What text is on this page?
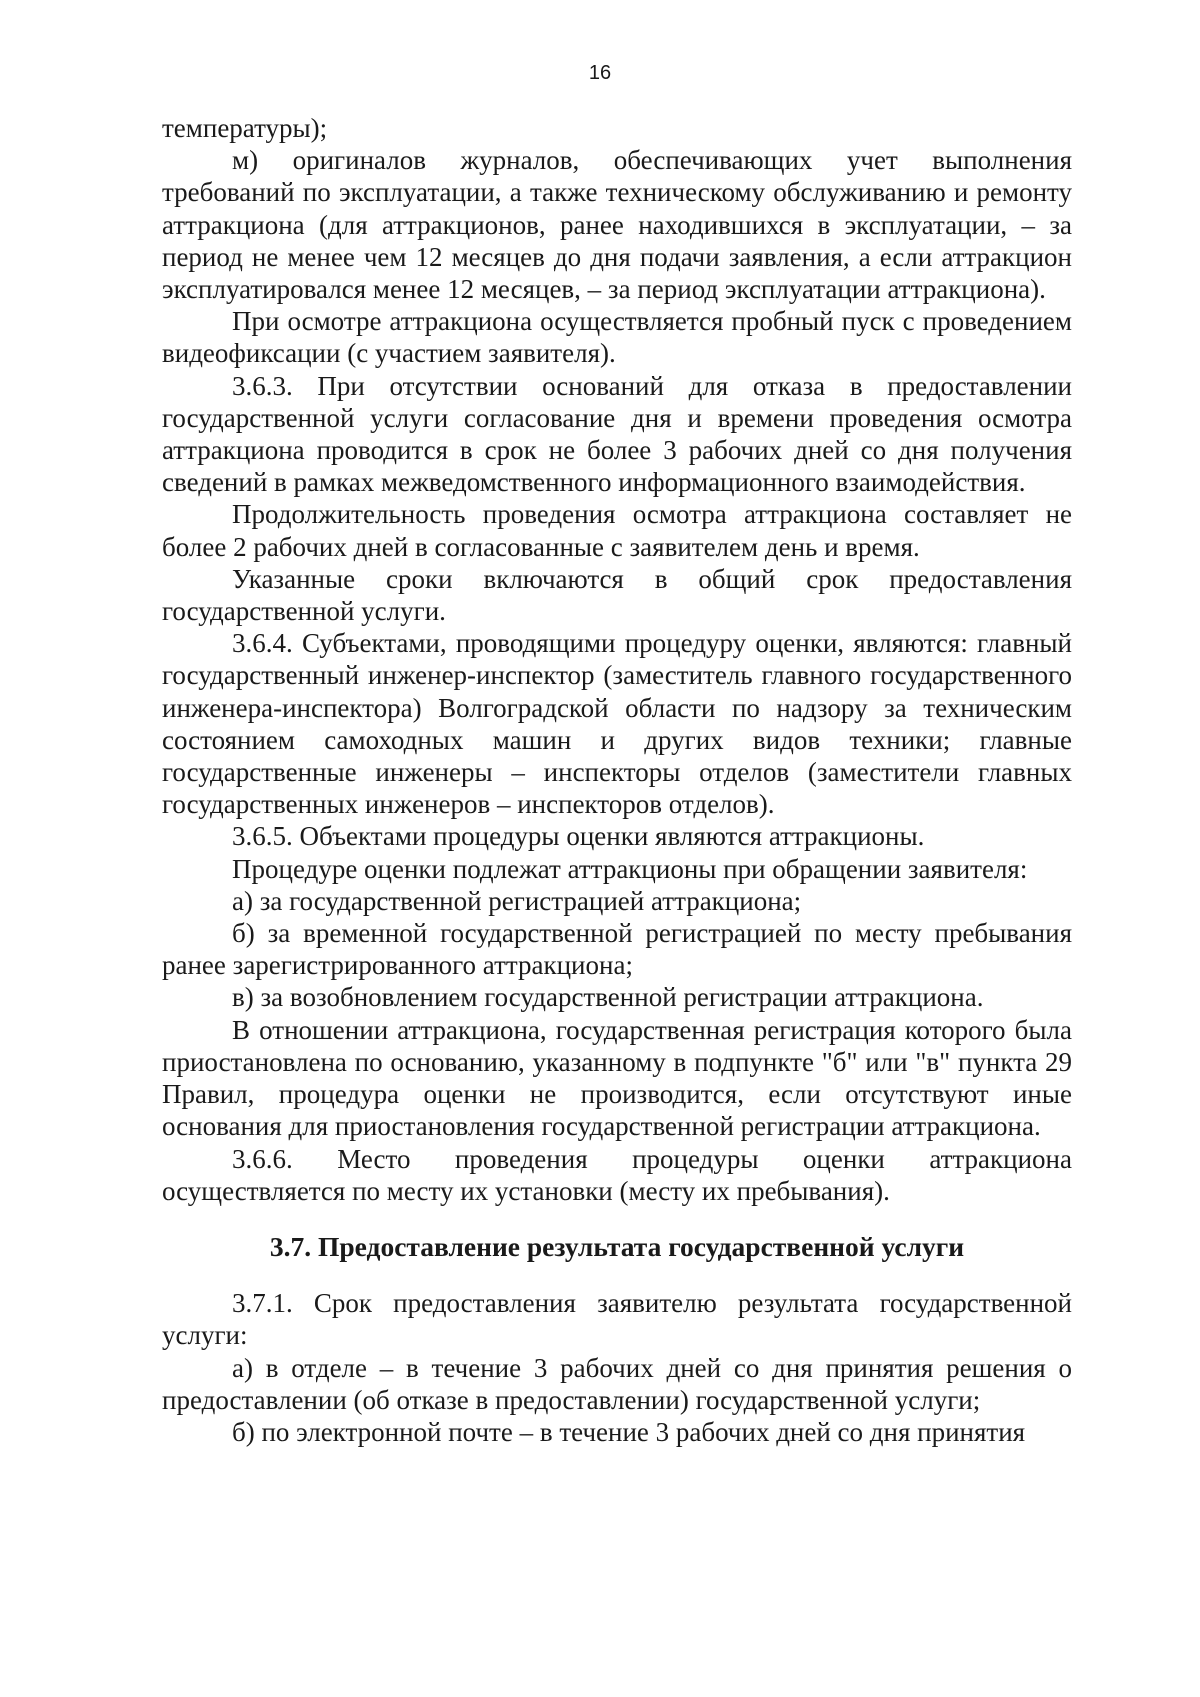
16

температуры);

м) оригиналов журналов, обеспечивающих учет выполнения требований по эксплуатации, а также техническому обслуживанию и ремонту аттракциона (для аттракционов, ранее находившихся в эксплуатации, – за период не менее чем 12 месяцев до дня подачи заявления, а если аттракцион эксплуатировался менее 12 месяцев, – за период эксплуатации аттракциона).

При осмотре аттракциона осуществляется пробный пуск с проведением видеофиксации (с участием заявителя).

3.6.3. При отсутствии оснований для отказа в предоставлении государственной услуги согласование дня и времени проведения осмотра аттракциона проводится в срок не более 3 рабочих дней со дня получения сведений в рамках межведомственного информационного взаимодействия.

Продолжительность проведения осмотра аттракциона составляет не более 2 рабочих дней в согласованные с заявителем день и время.

Указанные сроки включаются в общий срок предоставления государственной услуги.

3.6.4. Субъектами, проводящими процедуру оценки, являются: главный государственный инженер-инспектор (заместитель главного государственного инженера-инспектора) Волгоградской области по надзору за техническим состоянием самоходных машин и других видов техники; главные государственные инженеры – инспекторы отделов (заместители главных государственных инженеров – инспекторов отделов).

3.6.5. Объектами процедуры оценки являются аттракционы.

Процедуре оценки подлежат аттракционы при обращении заявителя:

а) за государственной регистрацией аттракциона;

б) за временной государственной регистрацией по месту пребывания ранее зарегистрированного аттракциона;

в) за возобновлением государственной регистрации аттракциона.

В отношении аттракциона, государственная регистрация которого была приостановлена по основанию, указанному в подпункте "б" или "в" пункта 29 Правил, процедура оценки не производится, если отсутствуют иные основания для приостановления государственной регистрации аттракциона.

3.6.6. Место проведения процедуры оценки аттракциона осуществляется по месту их установки (месту их пребывания).

3.7. Предоставление результата государственной услуги

3.7.1. Срок предоставления заявителю результата государственной услуги:

а) в отделе – в течение 3 рабочих дней со дня принятия решения о предоставлении (об отказе в предоставлении) государственной услуги;

б) по электронной почте – в течение 3 рабочих дней со дня принятия
